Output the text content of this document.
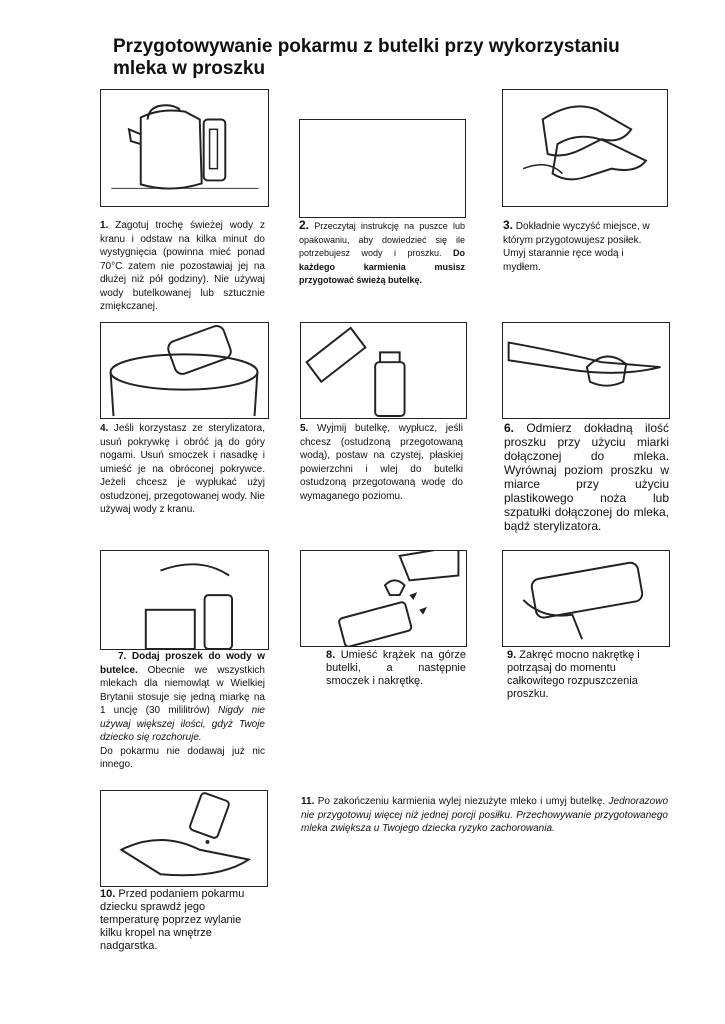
Przygotowywanie pokarmu z butelki przy wykorzystaniu mleka w proszku
1. Zagotuj trochę świeżej wody z kranu i odstaw na kilka minut do wystygnięcia (powinna mieć ponad 70°C zatem nie pozostawiaj jej na dłużej niż pół godziny). Nie używaj wody butelkowanej lub sztucznie zmiękczanej.
2. Przeczytaj instrukcję na puszce lub opakowaniu, aby dowiedzieć się ile potrzebujesz wody i proszku. Do każdego karmienia musisz przygotować świeżą butelkę.
3. Dokładnie wyczyść miejsce, w którym przygotowujesz posiłek.
Umyj starannie ręce wodą i mydłem.
4. Jeśli korzystasz ze sterylizatora, usuń pokrywkę i obróć ją do góry nogami. Usuń smoczek i nasadkę i umieść je na obróconej pokrywce. Jeżeli chcesz je wypłukać użyj ostudzonej, przegotowanej wody. Nie używaj wody z kranu.
5. Wyjmij butelkę, wypłucz, jeśli chcesz (ostudzoną przegotowaną wodą), postaw na czystej, płaskiej powierzchni i wlej do butelki ostudzoną przegotowaną wodę do wymaganego poziomu.
6. Odmierz dokładną ilość proszku przy użyciu miarki dołączonej do mleka. Wyrównaj poziom proszku w miarce przy użyciu plastikowego noża lub szpatułki dołączonej do mleka, bądź sterylizatora.
7. Dodaj proszek do wody w butelce. Obecnie we wszystkich mlekach dla niemowląt w Wielkiej Brytanii stosuje się jedną miarkę na 1 uncję (30 mililitrów) Nigdy nie używaj większej ilości, gdyż Twoje dziecko się rozchoruje.
Do pokarmu nie dodawaj już nic innego.
8. Umieść krążek na górze butelki, a następnie smoczek i nakrętkę.
9. Zakręć mocno nakrętkę i potrząsaj do momentu całkowitego rozpuszczenia proszku.
10. Przed podaniem pokarmu dziecku sprawdź jego temperaturę poprzez wylanie kilku kropel na wnętrze nadgarstka.
11. Po zakończeniu karmienia wylej niezużyte mleko i umyj butelkę. Jednorazowo nie przygotowuj więcej niż jednej porcji posiłku. Przechowywanie przygotowanego mleka zwiększa u Twojego dziecka ryzyko zachorowania.
